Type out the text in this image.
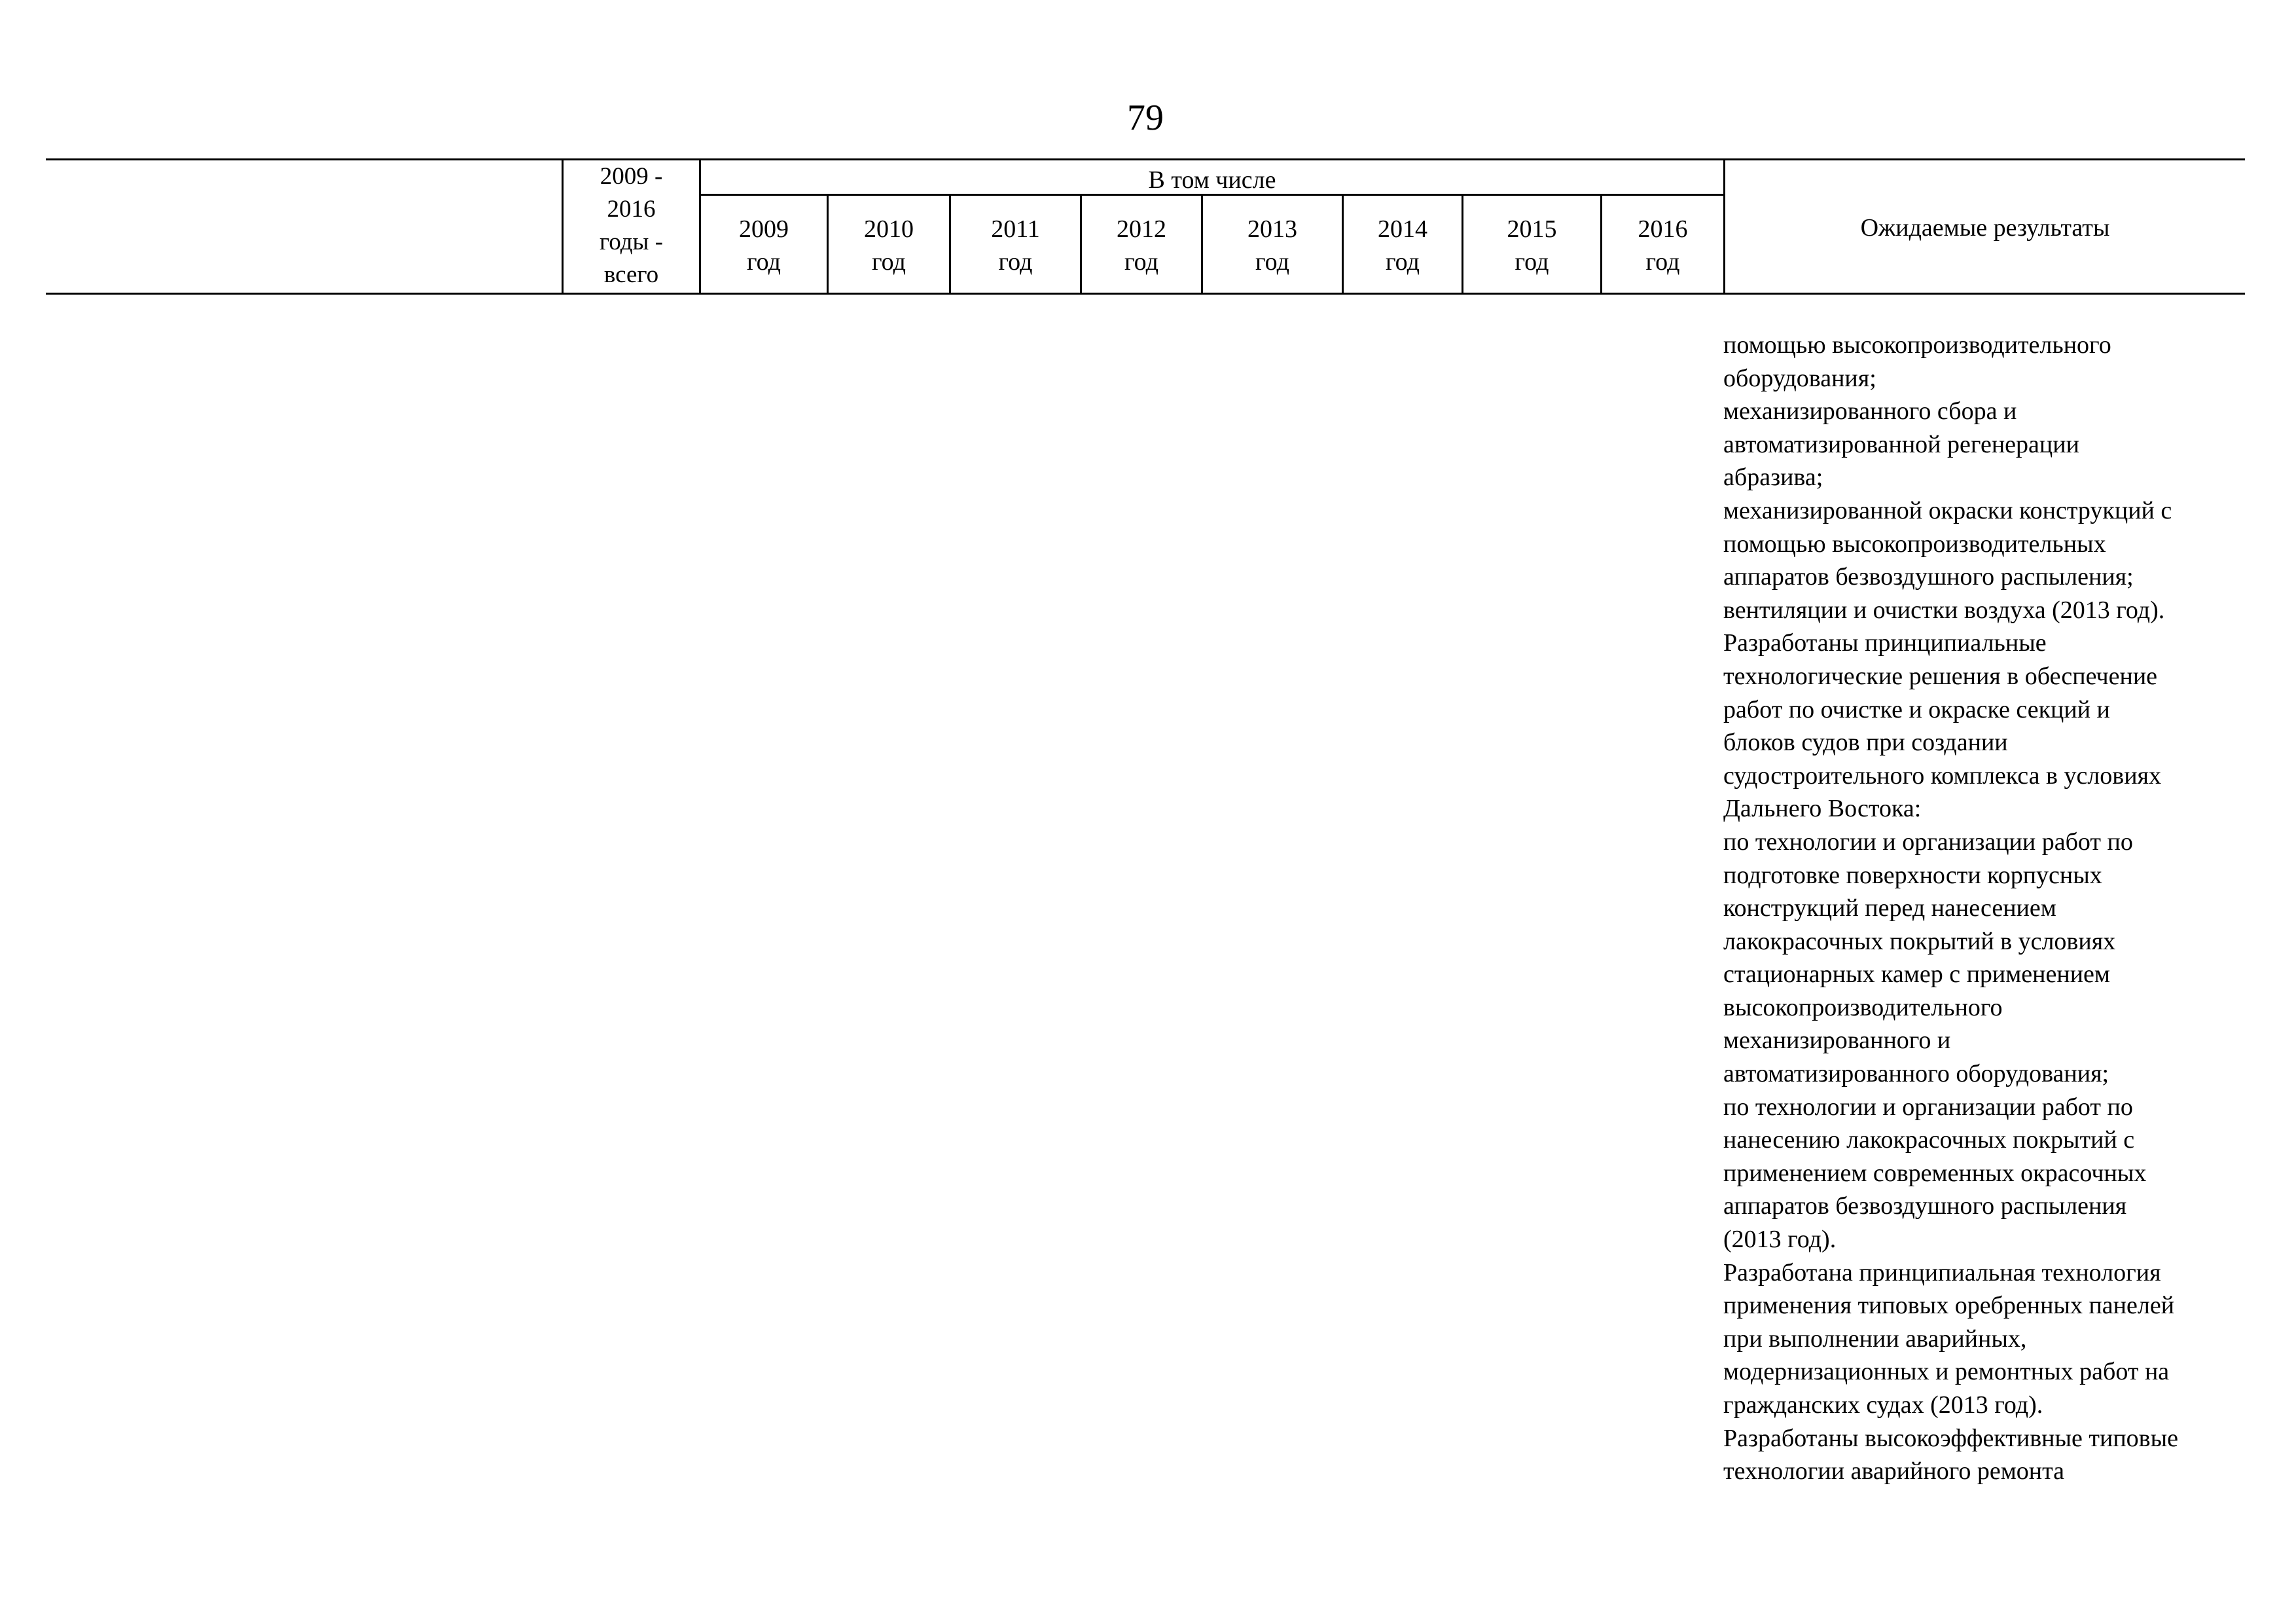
79
2009 -
2016
годы -
всего
В том числе
2009
год
2010
год
2011
год
2012
год
2013
год
2014
год
2015
год
2016
год
Ожидаемые результаты
помощью высокопроизводительного
оборудования;
механизированного сбора и
автоматизированной регенерации
абразива;
механизированной окраски конструкций с
помощью высокопроизводительных
аппаратов безвоздушного распыления;
вентиляции и очистки воздуха (2013 год).
Разработаны принципиальные
технологические решения в обеспечение
работ по очистке и окраске секций и
блоков судов при создании
судостроительного комплекса в условиях
Дальнего Востока:
по технологии и организации работ по
подготовке поверхности корпусных
конструкций перед нанесением
лакокрасочных покрытий в условиях
стационарных камер с применением
высокопроизводительного
механизированного и
автоматизированного оборудования;
по технологии и организации работ по
нанесению лакокрасочных покрытий с
применением современных окрасочных
аппаратов безвоздушного распыления
(2013 год).
Разработана принципиальная технология
применения типовых оребренных панелей
при выполнении аварийных,
модернизационных и ремонтных работ на
гражданских судах (2013 год).
Разработаны высокоэффективные типовые
технологии аварийного ремонта
